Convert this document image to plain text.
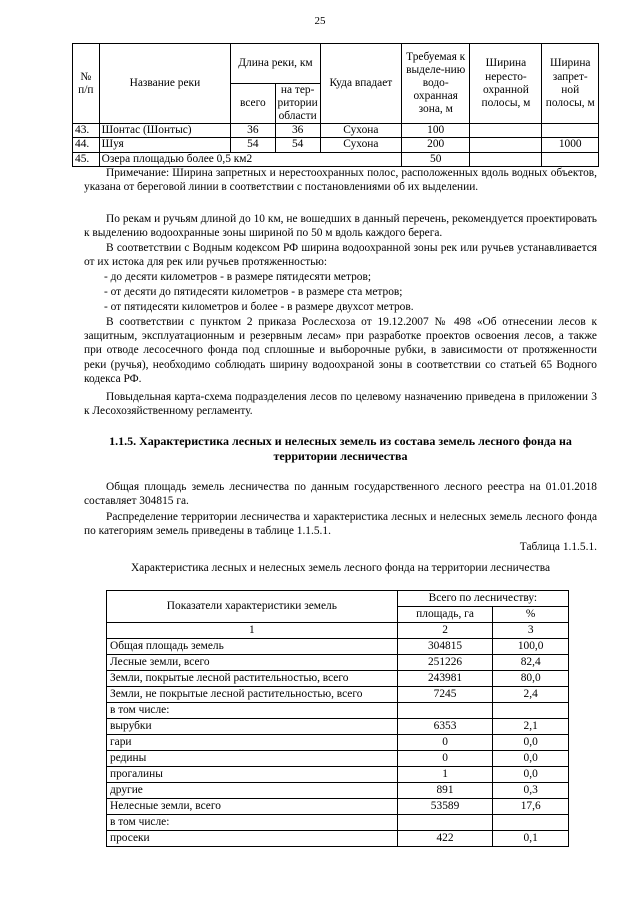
25
№ п/п	Название реки	Длина реки, км		Куда впадает	Требуемая к выделе-нию водо-охранная зона, м	Ширина нересто-охранной полосы, м	Ширина запрет-ной полосы, м
		всего	на тер-ритории области				
43.	Шонтас (Шонтыс)	36	36	Сухона	100		
44.	Шуя	54	54	Сухона	200		1000
45.	Озера площадью более 0,5 км2				50		
Примечание: Ширина запретных и нерестоохранных полос, расположенных вдоль водных объектов, указана от береговой линии в соответствии с постановлениями об их выделении.
По рекам и ручьям длиной до 10 км, не вошедших в данный перечень, рекомендуется проектировать к выделению водоохранные зоны шириной по 50 м вдоль каждого берега.
В соответствии с Водным кодексом РФ ширина водоохранной зоны рек или ручьев устанавливается от их истока для рек или ручьев протяженностью:
- до десяти километров - в размере пятидесяти метров;
- от десяти до пятидесяти километров - в размере ста метров;
- от пятидесяти километров и более - в размере двухсот метров.
В соответствии с пунктом 2 приказа Рослесхоза от 19.12.2007 № 498 «Об отнесении лесов к защитным, эксплуатационным и резервным лесам» при разработке проектов освоения лесов, а также при отводе лесосечного фонда под сплошные и выборочные рубки, в зависимости от протяженности реки (ручья), необходимо соблюдать ширину водоохраной зоны в соответствии со статьей 65 Водного кодекса РФ.
Повыдельная карта-схема подразделения лесов по целевому назначению приведена в приложении 3 к Лесохозяйственному регламенту.
1.1.5. Характеристика лесных и нелесных земель из состава земель лесного фонда на территории лесничества
Общая площадь земель лесничества по данным государственного лесного реестра на 01.01.2018 составляет 304815 га.
Распределение территории лесничества и характеристика лесных и нелесных земель лесного фонда по категориям земель приведены в таблице 1.1.5.1.
Таблица 1.1.5.1.
Характеристика лесных и нелесных земель лесного фонда на территории лесничества
Показатели характеристики земель	Всего по лесничеству:	
	площадь, га	%
1	2	3
Общая площадь земель	304815	100,0
Лесные земли, всего	251226	82,4
Земли, покрытые лесной растительностью, всего	243981	80,0
Земли, не покрытые лесной растительностью, всего	7245	2,4
в том числе:		
вырубки	6353	2,1
гари	0	0,0
редины	0	0,0
прогалины	1	0,0
другие	891	0,3
Нелесные земли, всего	53589	17,6
в том числе:		
просеки	422	0,1
